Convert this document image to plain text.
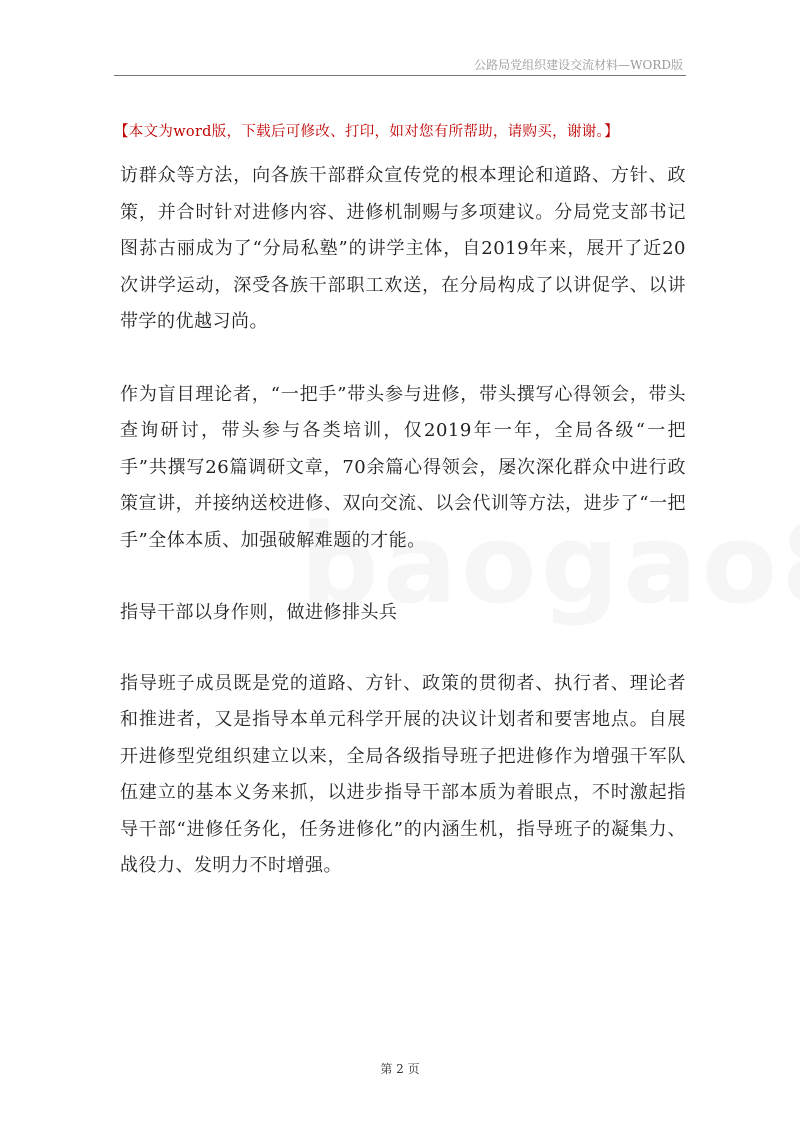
公路局党组织建设交流材料—WORD版
【本文为word版，下载后可修改、打印，如对您有所帮助，请购买，谢谢。】

访群众等方法，向各族干部群众宣传党的根本理论和道路、方针、政策，并合时针对进修内容、进修机制赐与多项建议。分局党支部书记图荪古丽成为了“分局私塾”的讲学主体，自2019年来，展开了近20次讲学运动，深受各族干部职工欢送，在分局构成了以讲促学、以讲带学的优越习尚。

作为盲目理论者，“一把手”带头参与进修，带头撰写心得领会，带头查询研讨，带头参与各类培训，仅2019年一年，全局各级“一把手”共撰写26篇调研文章，70余篇心得领会，屡次深化群众中进行政策宣讲，并接纳送校进修、双向交流、以会代训等方法，进步了“一把手”全体本质、加强破解难题的才能。

指导干部以身作则，做进修排头兵

指导班子成员既是党的道路、方针、政策的贯彻者、执行者、理论者和推进者，又是指导本单元科学开展的决议计划者和要害地点。自展开进修型党组织建立以来，全局各级指导班子把进修作为增强干军队伍建立的基本义务来抓，以进步指导干部本质为着眼点，不时激起指导干部“进修任务化，任务进修化”的内涵生机，指导班子的凝集力、战役力、发明力不时增强。

第 2 页
